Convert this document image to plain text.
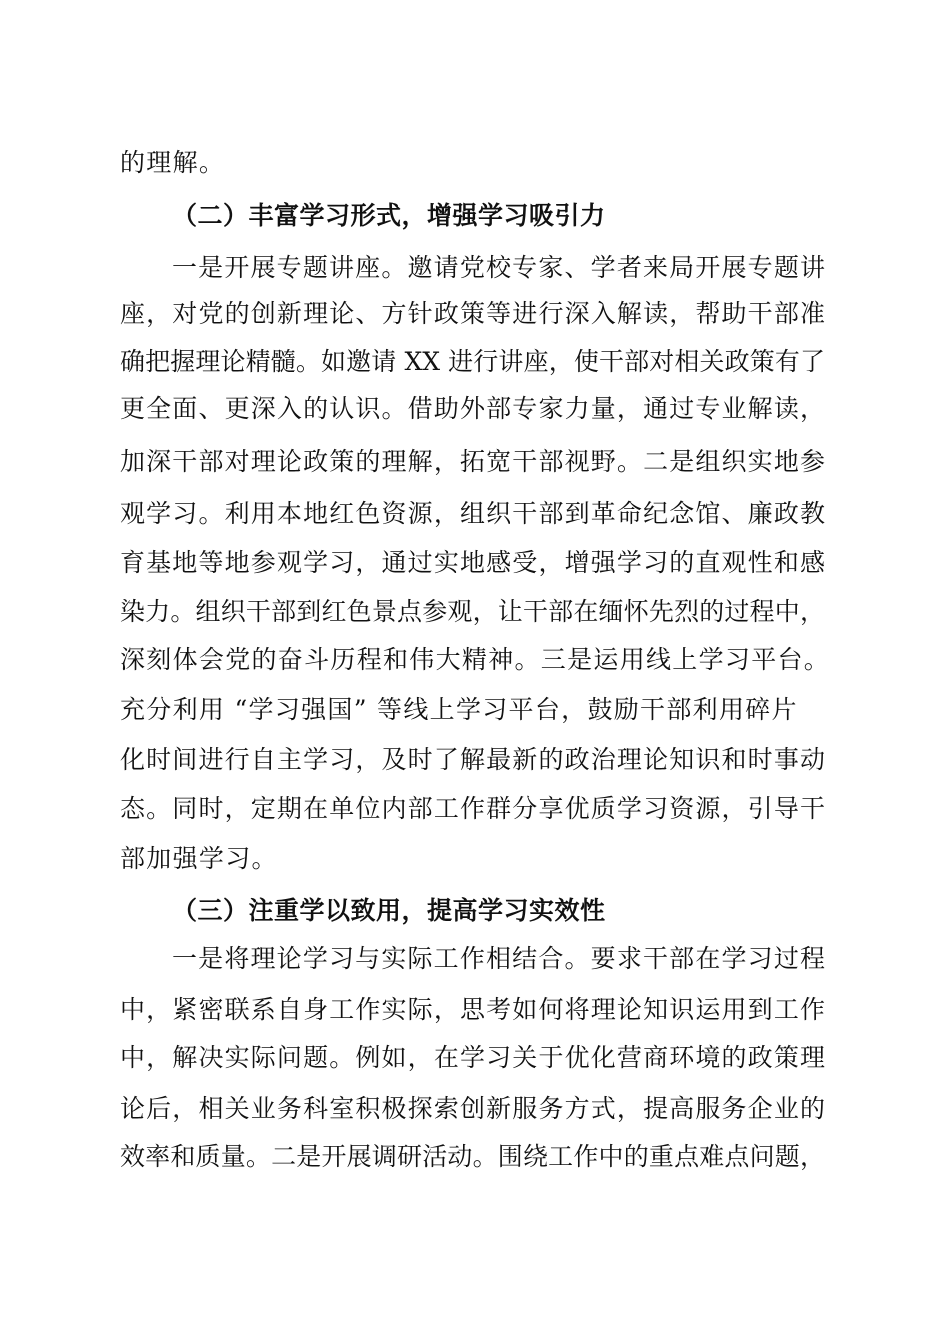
的理解。
（二）丰富学习形式，增强学习吸引力
一是开展专题讲座。邀请党校专家、学者来局开展专题讲
座，对党的创新理论、方针政策等进行深入解读，帮助干部准
确把握理论精髓。如邀请 XX 进行讲座，使干部对相关政策有了
更全面、更深入的认识。借助外部专家力量，通过专业解读，
加深干部对理论政策的理解，拓宽干部视野。二是组织实地参
观学习。利用本地红色资源，组织干部到革命纪念馆、廉政教
育基地等地参观学习，通过实地感受，增强学习的直观性和感
染力。组织干部到红色景点参观，让干部在缅怀先烈的过程中，
深刻体会党的奋斗历程和伟大精神。三是运用线上学习平台。
充分利用 “学习强国” 等线上学习平台，鼓励干部利用碎片
化时间进行自主学习，及时了解最新的政治理论知识和时事动
态。同时，定期在单位内部工作群分享优质学习资源，引导干
部加强学习。
（三）注重学以致用，提高学习实效性
一是将理论学习与实际工作相结合。要求干部在学习过程
中，紧密联系自身工作实际，思考如何将理论知识运用到工作
中，解决实际问题。例如，在学习关于优化营商环境的政策理
论后，相关业务科室积极探索创新服务方式，提高服务企业的
效率和质量。二是开展调研活动。围绕工作中的重点难点问题，
